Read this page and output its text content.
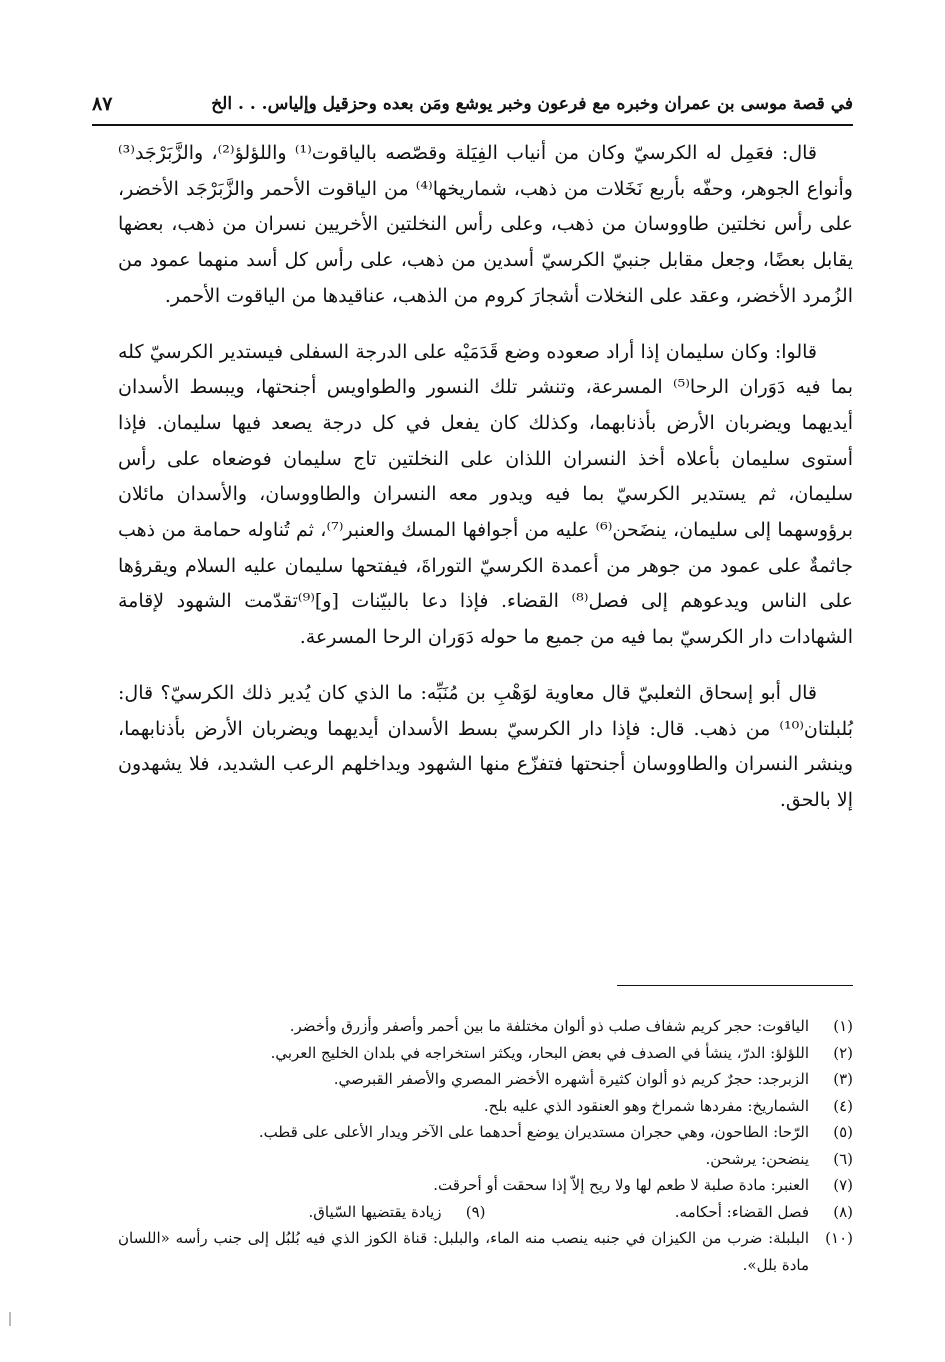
في قصة موسى بن عمران وخبره مع فرعون وخبر يوشع ومَن بعده وحزقيل وإلياس. . . الخ
٨٧

قال: فعَمِل له الكرسيّ وكان من أنياب الفِيَلة وقصّصه بالياقوت⁽¹⁾ واللؤلؤ⁽²⁾، والزَّبَرْجَد⁽³⁾ وأنواع الجوهر، وحفّه بأربع نَخَلات من ذهب، شماريخها⁽⁴⁾ من الياقوت الأحمر والزَّبَرْجَد الأخضر، على رأس نخلتين طاووسان من ذهب، وعلى رأس النخلتين الأخريين نسران من ذهب، بعضها يقابل بعضًا، وجعل مقابل جنبيّ الكرسيّ أسدين من ذهب، على رأس كل أسد منهما عمود من الزُمرد الأخضر، وعقد على النخلات أشجارَ كروم من الذهب، عناقيدها من الياقوت الأحمر.

قالوا: وكان سليمان إذا أراد صعوده وضع قَدَمَيْه على الدرجة السفلى فيستدير الكرسيّ كله بما فيه دَوَران الرحا⁽⁵⁾ المسرعة، وتنشر تلك النسور والطواويس أجنحتها، ويبسط الأسدان أيديهما ويضربان الأرض بأذنابهما، وكذلك كان يفعل في كل درجة يصعد فيها سليمان. فإذا أستوى سليمان بأعلاه أخذ النسران اللذان على النخلتين تاج سليمان فوضعاه على رأس سليمان، ثم يستدير الكرسيّ بما فيه ويدور معه النسران والطاووسان، والأسدان مائلان برؤوسهما إلى سليمان، ينضَحن⁽⁶⁾ عليه من أجوافها المسك والعنبر⁽⁷⁾، ثم تُناوله حمامة من ذهب جاثمةٌ على عمود من جوهر من أعمدة الكرسيّ التوراةَ، فيفتحها سليمان عليه السلام ويقرؤها على الناس ويدعوهم إلى فصل⁽⁸⁾ القضاء. فإذا دعا بالبيّنات [و]⁽⁹⁾تقدّمت الشهود لإقامة الشهادات دار الكرسيّ بما فيه من جميع ما حوله دَوَران الرحا المسرعة.

قال أبو إسحاق الثعلبيّ قال معاوية لوَهْبِ بن مُنَبِّه: ما الذي كان يُدير ذلك الكرسيّ؟ قال: بُلبلتان⁽¹⁰⁾ من ذهب. قال: فإذا دار الكرسيّ بسط الأسدان أيديهما ويضربان الأرض بأذنابهما، وينشر النسران والطاووسان أجنحتها فتفزّع منها الشهود ويداخلهم الرعب الشديد، فلا يشهدون إلا بالحق.

(١)
الياقوت: حجر كريم شفاف صلب ذو ألوان مختلفة ما بين أحمر وأصفر وأزرق وأخضر.
(٢)
اللؤلؤ: الدرّ، ينشأ في الصدف في بعض البحار، ويكثر استخراجه في بلدان الخليج العربي.
(٣)
الزبرجد: حجرٌ كريم ذو ألوان كثيرة أشهره الأخضر المصري والأصفر القبرصي.
(٤)
الشماريخ: مفردها شمراخ وهو العنقود الذي عليه بلح.
(٥)
الرّحا: الطاحون، وهي حجران مستديران يوضع أحدهما على الآخر ويدار الأعلى على قطب.
(٦)
ينضحن: يرشحن.
(٧)
العنبر: مادة صلبة لا طعم لها ولا ريح إلاّ إذا سحقت أو أحرقت.
(٨)
فصل القضاء: أحكامه.
(٩)
زيادة يقتضيها السّياق.
(١٠)
البلبلة: ضرب من الكيزان في جنبه ينصب منه الماء، والبلبل: قناة الكوز الذي فيه بُلبُل إلى جنب رأسه «اللسان مادة بلل».
